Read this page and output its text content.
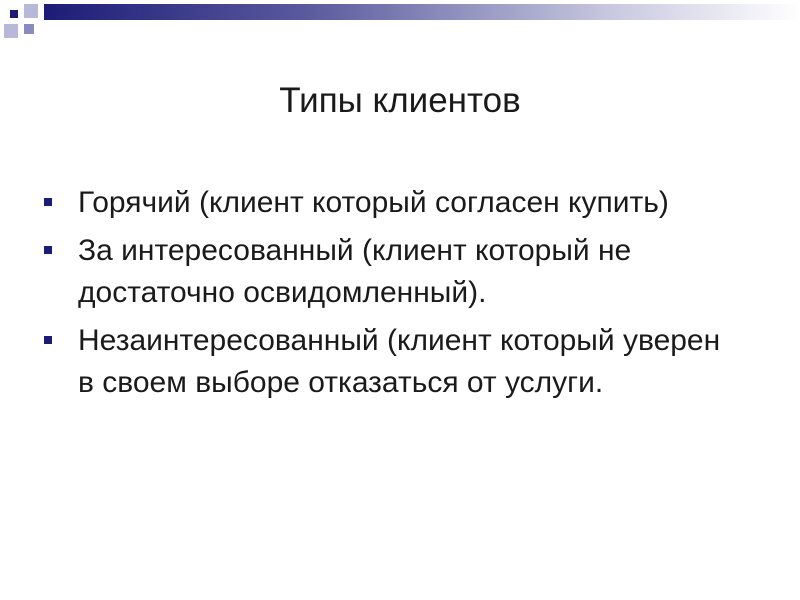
Типы клиентов
Горячий (клиент который согласен купить)
За интересованный (клиент который не достаточно освидомленный).
Незаинтересованный (клиент который уверен в своем выборе отказаться от услуги.
